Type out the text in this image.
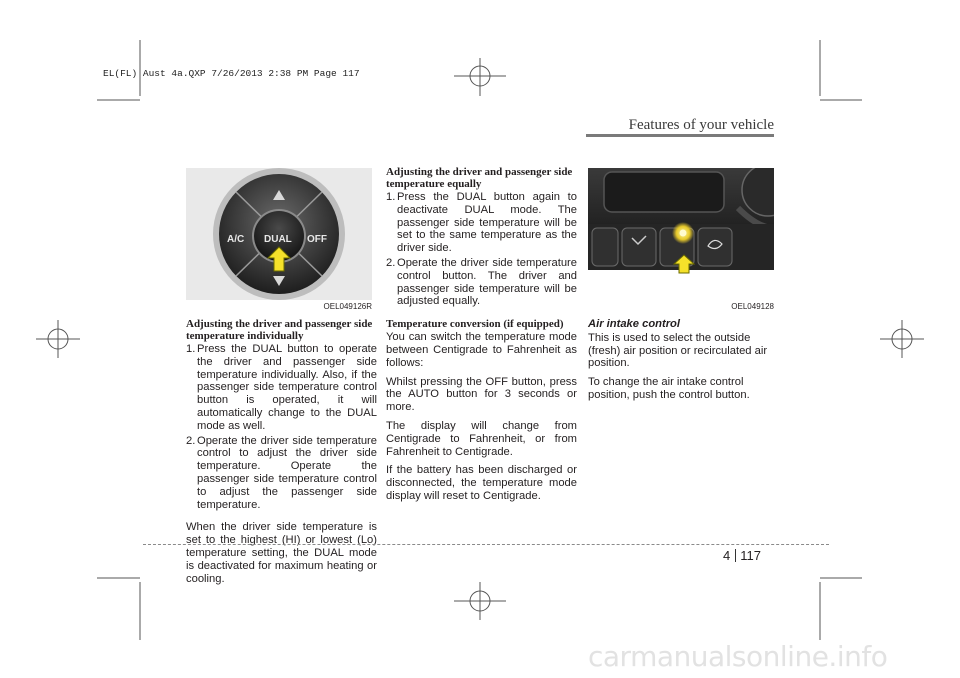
EL(FL) Aust 4a.QXP 7/26/2013 2:38 PM Page 117
Features of your vehicle
A/C DUAL OFF
OEL049126R	OEL049128
Adjusting the driver and passenger side temperature individually
1. Press the DUAL button to operate the driver and passenger side temperature individually. Also, if the passenger side temperature control button is operated, it will automatically change to the DUAL mode as well.
2. Operate the driver side temperature control to adjust the driver side temperature. Operate the passenger side temperature control to adjust the passenger side temperature.

When the driver side temperature is set to the highest (HI) or lowest (Lo) temperature setting, the DUAL mode is deactivated for maximum heating or cooling.

Adjusting the driver and passenger side temperature equally
1. Press the DUAL button again to deactivate DUAL mode. The passenger side temperature will be set to the same temperature as the driver side.
2. Operate the driver side temperature control button. The driver and passenger side temperature will be adjusted equally.
Temperature conversion (if equipped)

You can switch the temperature mode between Centigrade to Fahrenheit as follows:

Whilst pressing the OFF button, press the AUTO button for 3 seconds or more.

The display will change from Centigrade to Fahrenheit, or from Fahrenheit to Centigrade.

If the battery has been discharged or disconnected, the temperature mode display will reset to Centigrade.

Air intake control

This is used to select the outside (fresh) air position or recirculated air position.

To change the air intake control position, push the control button.

4 117
carmanualsonline.info
